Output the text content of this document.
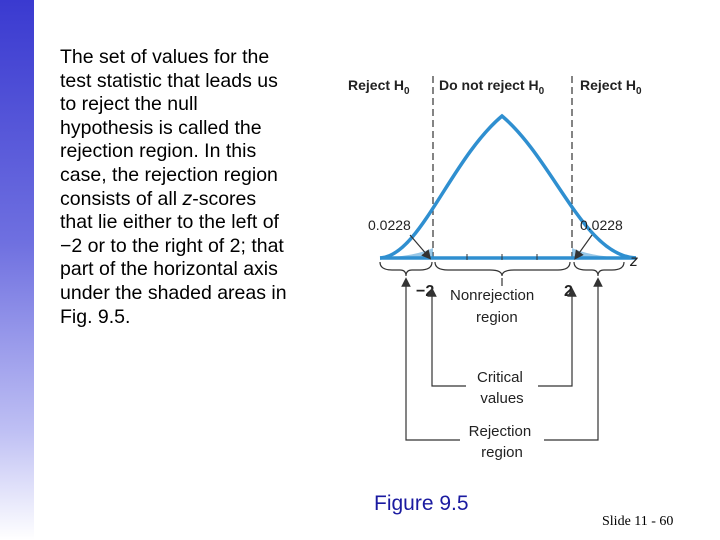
The set of values for the
test statistic that leads us
to reject the null
hypothesis is called the
rejection region. In this
case, the rejection region
consists of all z-scores
that lie either to the left of
−2 or to the right of 2; that
part of the horizontal axis
under the shaded areas in
Fig. 9.5.
Reject $H_0$ Do not reject $H_0$	Reject $H_0$
z
0.0228	0.0228
−2	2
Nonrejection region
Critical values
Rejection region
Figure 9.5
Slide 11 - 60
